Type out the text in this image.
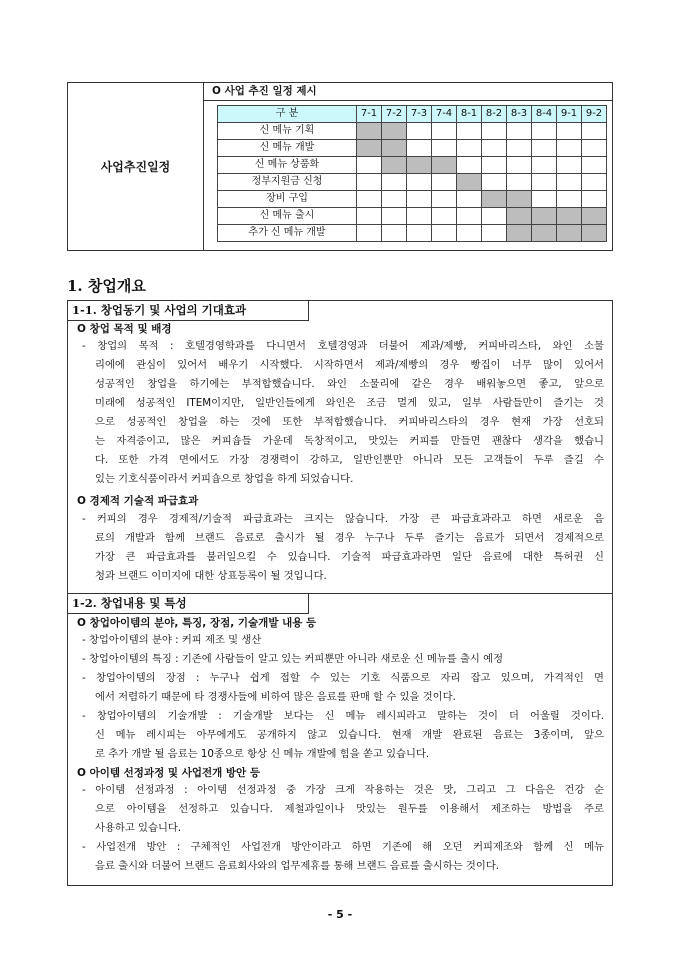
사업추진일정
O 사업 추진 일정 제시
구 분	7-1	7-2	7-3	7-4	8-1	8-2	8-3	8-4	9-1	9-2
신 메뉴 기획										
신 메뉴 개발										
신 메뉴 상품화										
정부지원금 신청										
장비 구입										
신 메뉴 출시										
추가 신 메뉴 개발										
1. 창업개요
1-1. 창업동기 및 사업의 기대효과
O 창업 목적 및 배경
- 창업의 목적 : 호텔경영학과를 다니면서 호텔경영과 더불어 제과/제빵, 커피바리스타, 와인 소물
리에에 관심이 있어서 배우기 시작했다. 시작하면서 제과/제빵의 경우 빵집이 너무 많이 있어서
성공적인 창업을 하기에는 부적합했습니다. 와인 소물리에 같은 경우 배워놓으면 좋고, 앞으로
미래에 성공적인 ITEM이지만, 일반인들에게 와인은 조금 멀게 있고, 일부 사람들만이 즐기는 것
으로 성공적인 창업을 하는 것에 또한 부적합했습니다. 커피바리스타의 경우 현재 가장 선호되
는 자격증이고, 많은 커피숍들 가운데 독창적이고, 맛있는 커피를 만들면 괜찮다 생각을 했습니
다. 또한 가격 면에서도 가장 경쟁력이 강하고, 일반인뿐만 아니라 모든 고객들이 두루 즐길 수
있는 기호식품이라서 커피숍으로 창업을 하게 되었습니다.
O 경제적 기술적 파급효과
- 커피의 경우 경제적/기술적 파급효과는 크지는 않습니다. 가장 큰 파급효과라고 하면 새로운 음
료의 개발과 함께 브랜드 음료로 출시가 될 경우 누구나 두루 즐기는 음료가 되면서 경제적으로
가장 큰 파급효과를 불러일으킬 수 있습니다. 기술적 파급효과라면 일단 음료에 대한 특허권 신
청과 브랜드 이미지에 대한 상표등록이 될 것입니다.
1-2. 창업내용 및 특성
O 창업아이템의 분야, 특징, 장점, 기술개발 내용 등
- 창업아이템의 분야 : 커피 제조 및 생산
- 창업아이템의 특징 : 기존에 사람들이 알고 있는 커피뿐만 아니라 새로운 신 메뉴를 출시 예정
- 창업아이템의 장점 : 누구나 쉽게 접할 수 있는 기호 식품으로 자리 잡고 있으며, 가격적인 면
에서 저렴하기 때문에 타 경쟁사들에 비하여 많은 음료를 판매 할 수 있을 것이다.
- 창업아이템의 기술개발 : 기술개발 보다는 신 메뉴 레시피라고 말하는 것이 더 어울릴 것이다.
신 메뉴 레시피는 아무에게도 공개하지 않고 있습니다. 현재 개발 완료된 음료는 3종이며, 앞으
로 추가 개발 될 음료는 10종으로 항상 신 메뉴 개발에 힘을 쏟고 있습니다.
O 아이템 선정과정 및 사업전개 방안 등
- 아이템 선정과정 : 아이템 선정과정 중 가장 크게 작용하는 것은 맛, 그리고 그 다음은 건강 순
으로 아이템을 선정하고 있습니다. 제철과일이나 맛있는 원두를 이용해서 제조하는 방법을 주로
사용하고 있습니다.
- 사업전개 방안 : 구체적인 사업전개 방안이라고 하면 기존에 해 오던 커피제조와 함께 신 메뉴
음료 출시와 더불어 브랜드 음료회사와의 업무제휴를 통해 브랜드 음료를 출시하는 것이다.
- 5 -
